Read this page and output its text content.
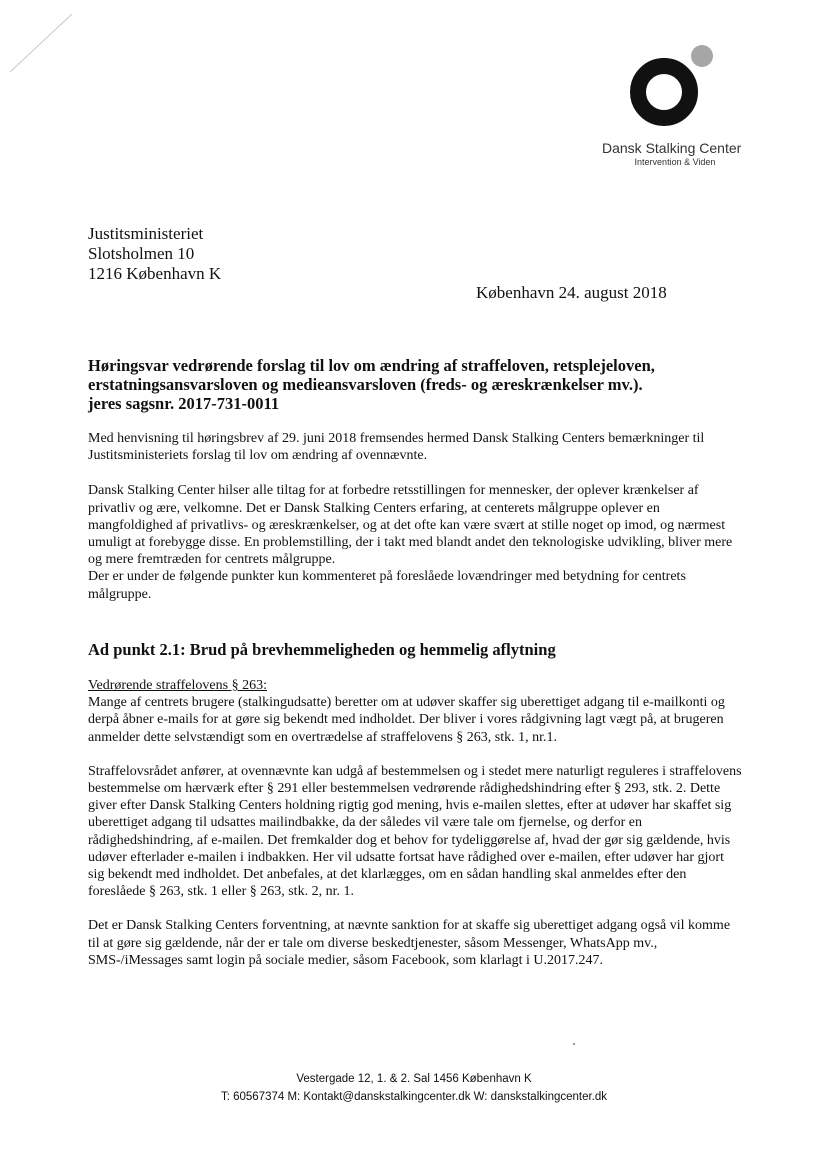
Dansk Stalking Center
Intervention & Viden
Justitsministeriet
Slotsholmen 10
1216 København K
København 24. august 2018
Høringsvar vedrørende forslag til lov om ændring af straffeloven, retsplejeloven,
erstatningsansvarsloven og medieansvarsloven (freds- og æreskrænkelser mv.).
jeres sagsnr. 2017-731-0011

Med henvisning til høringsbrev af 29. juni 2018 fremsendes hermed Dansk Stalking Centers bemærkninger til Justitsministeriets forslag til lov om ændring af ovennævnte.

Dansk Stalking Center hilser alle tiltag for at forbedre retsstillingen for mennesker, der oplever krænkelser af privatliv og ære, velkomne. Det er Dansk Stalking Centers erfaring, at centerets målgruppe oplever en mangfoldighed af privatlivs- og æreskrænkelser, og at det ofte kan være svært at stille noget op imod, og nærmest umuligt at forebygge disse. En problemstilling, der i takt med blandt andet den teknologiske udvikling, bliver mere og mere fremtræden for centrets målgruppe.

Der er under de følgende punkter kun kommenteret på foreslåede lovændringer med betydning for centrets målgruppe.

Ad punkt 2.1: Brud på brevhemmeligheden og hemmelig aflytning
Vedrørende straffelovens § 263:

Mange af centrets brugere (stalkingudsatte) beretter om at udøver skaffer sig uberettiget adgang til e-mailkonti og derpå åbner e-mails for at gøre sig bekendt med indholdet. Der bliver i vores rådgivning lagt vægt på, at brugeren anmelder dette selvstændigt som en overtrædelse af straffelovens § 263, stk. 1, nr.1.

Straffelovsrådet anfører, at ovennævnte kan udgå af bestemmelsen og i stedet mere naturligt reguleres i straffelovens bestemmelse om hærværk efter § 291 eller bestemmelsen vedrørende rådighedshindring efter § 293, stk. 2. Dette giver efter Dansk Stalking Centers holdning rigtig god mening, hvis e-mailen slettes, efter at udøver har skaffet sig uberettiget adgang til udsattes mailindbakke, da der således vil være tale om fjernelse, og derfor en rådighedshindring, af e-mailen. Det fremkalder dog et behov for tydeliggørelse af, hvad der gør sig gældende, hvis udøver efterlader e-mailen i indbakken. Her vil udsatte fortsat have rådighed over e-mailen, efter udøver har gjort sig bekendt med indholdet. Det anbefales, at det klarlægges, om en sådan handling skal anmeldes efter den foreslåede § 263, stk. 1 eller § 263, stk. 2, nr. 1.

Det er Dansk Stalking Centers forventning, at nævnte sanktion for at skaffe sig uberettiget adgang også vil komme til at gøre sig gældende, når der er tale om diverse beskedtjenester, såsom Messenger, WhatsApp mv., SMS-/iMessages samt login på sociale medier, såsom Facebook, som klarlagt i U.2017.247.

Vestergade 12, 1. & 2. Sal 1456 København K
T: 60567374 M: Kontakt@danskstalkingcenter.dk W: danskstalkingcenter.dk
